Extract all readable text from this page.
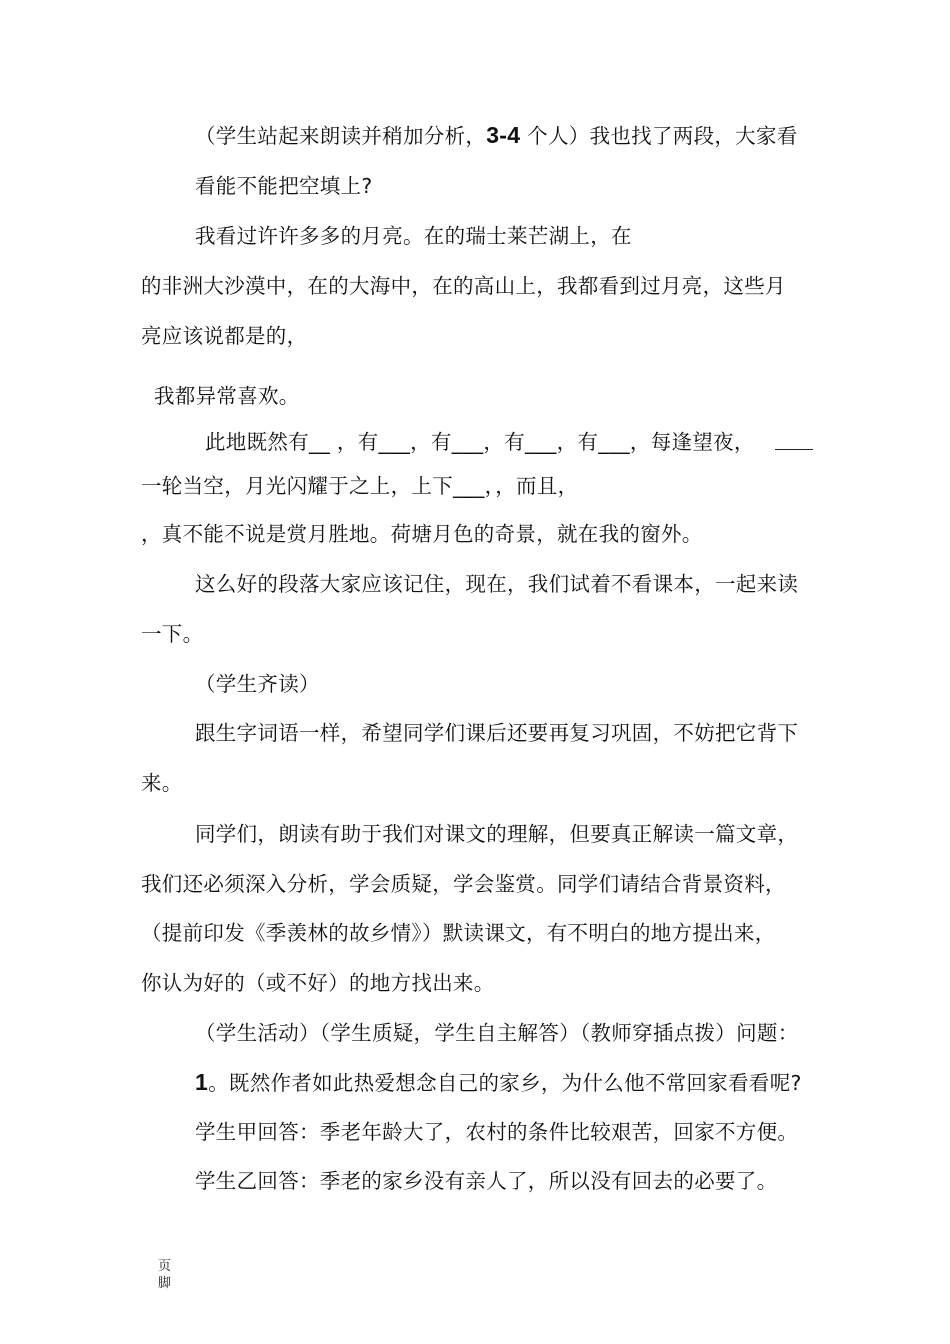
（学生站起来朗读并稍加分析，3-4 个人）我也找了两段，大家看
看能不能把空填上?
我看过许许多多的月亮。在的瑞士莱芒湖上，在
的非洲大沙漠中，在的大海中，在的高山上，我都看到过月亮，这些月
亮应该说都是的，
我都异常喜欢。
此地既然有__ ，有___，有___，有___，有___，每逢望夜，
一轮当空，月光闪耀于之上，上下___，，而且，
，真不能不说是赏月胜地。荷塘月色的奇景，就在我的窗外。
这么好的段落大家应该记住，现在，我们试着不看课本，一起来读
一下。
（学生齐读）
跟生字词语一样，希望同学们课后还要再复习巩固，不妨把它背下
来。
同学们，朗读有助于我们对课文的理解，但要真正解读一篇文章，
我们还必须深入分析，学会质疑，学会鉴赏。同学们请结合背景资料，
（提前印发《季羡林的故乡情》）默读课文，有不明白的地方提出来，
你认为好的（或不好）的地方找出来。
（学生活动）（学生质疑，学生自主解答）（教师穿插点拨）问题：
1。既然作者如此热爱想念自己的家乡，为什么他不常回家看看呢?
学生甲回答：季老年龄大了，农村的条件比较艰苦，回家不方便。
学生乙回答：季老的家乡没有亲人了，所以没有回去的必要了。
页脚
